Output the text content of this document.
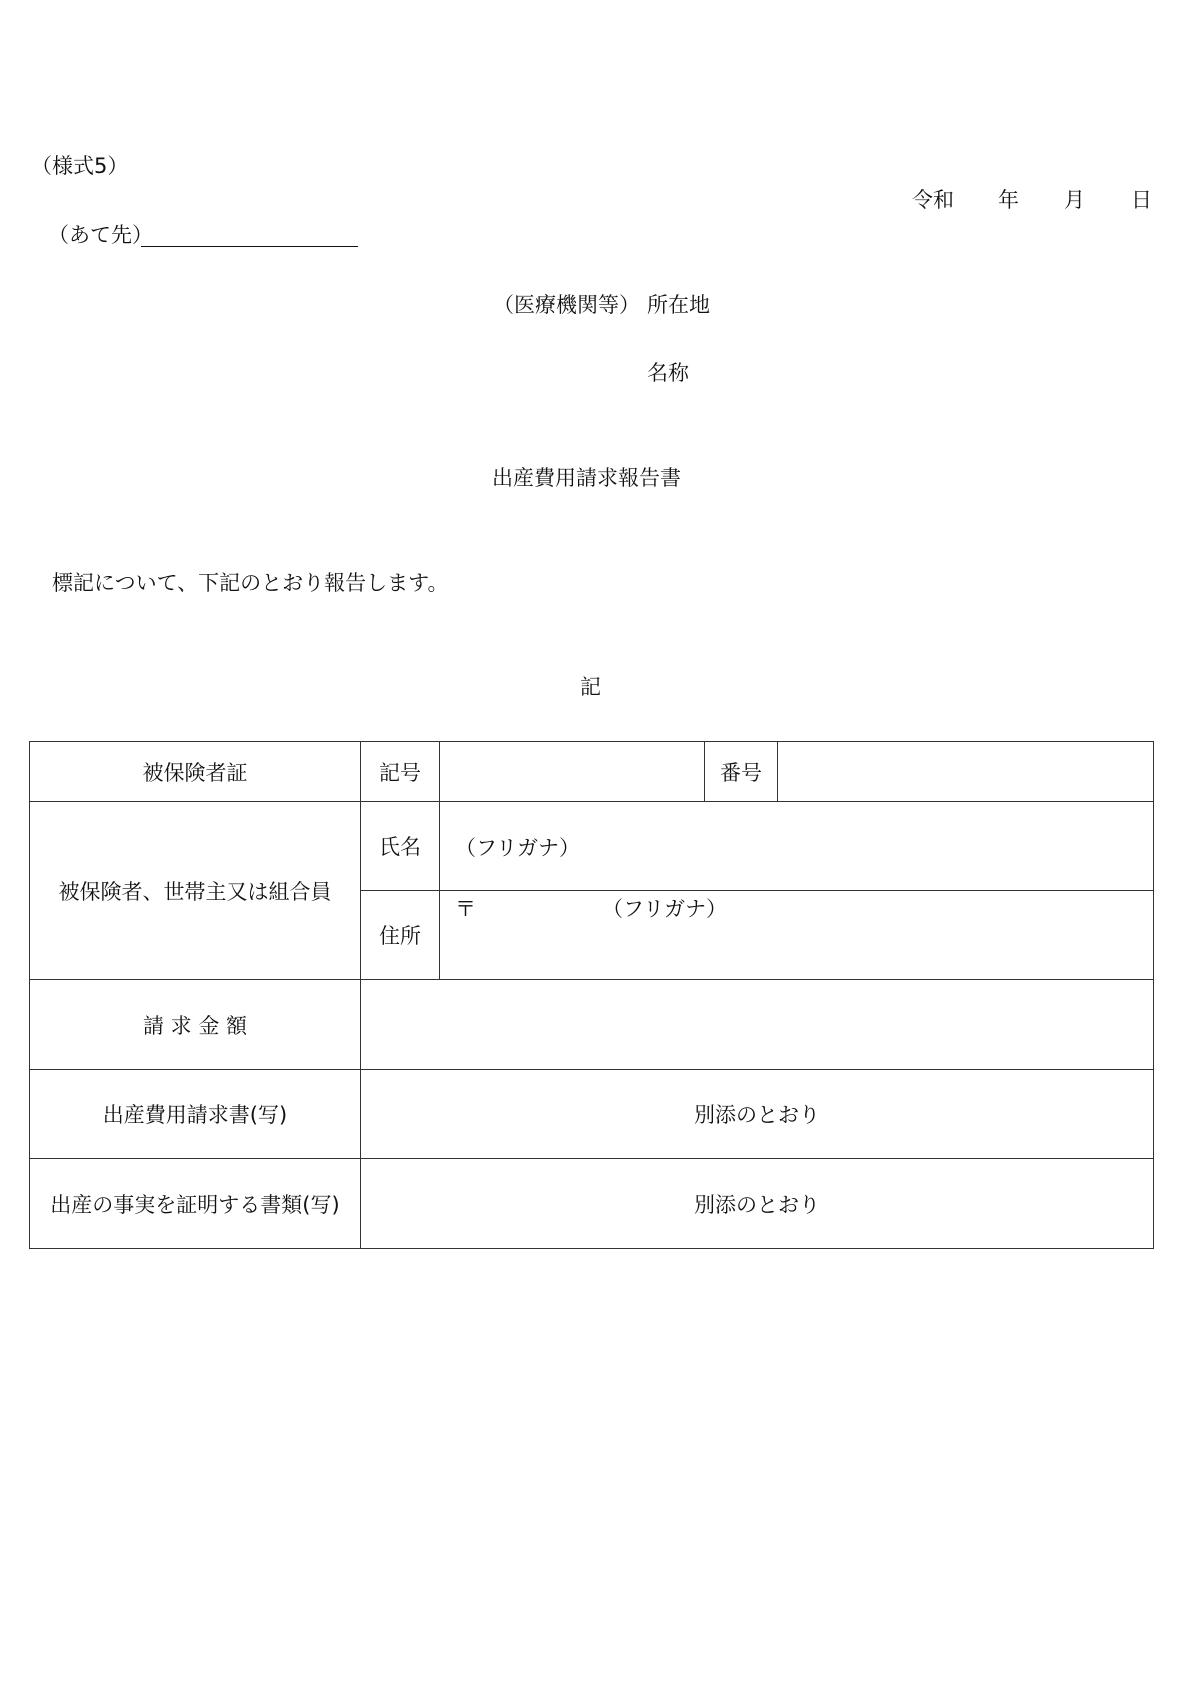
（様式5）
令和 年 月 日
（あて先）
（医療機関等） 所在地
名称
出産費用請求報告書
標記について、下記のとおり報告します。
記
被保険者証	記号		番号	
被保険者、世帯主又は組合員	氏名	（フリガナ）		

	住所	〒 （フリガナ）		

請 求 金 額				
出産費用請求書(写)	別添のとおり			
出産の事実を証明する書類(写)	別添のとおり			
